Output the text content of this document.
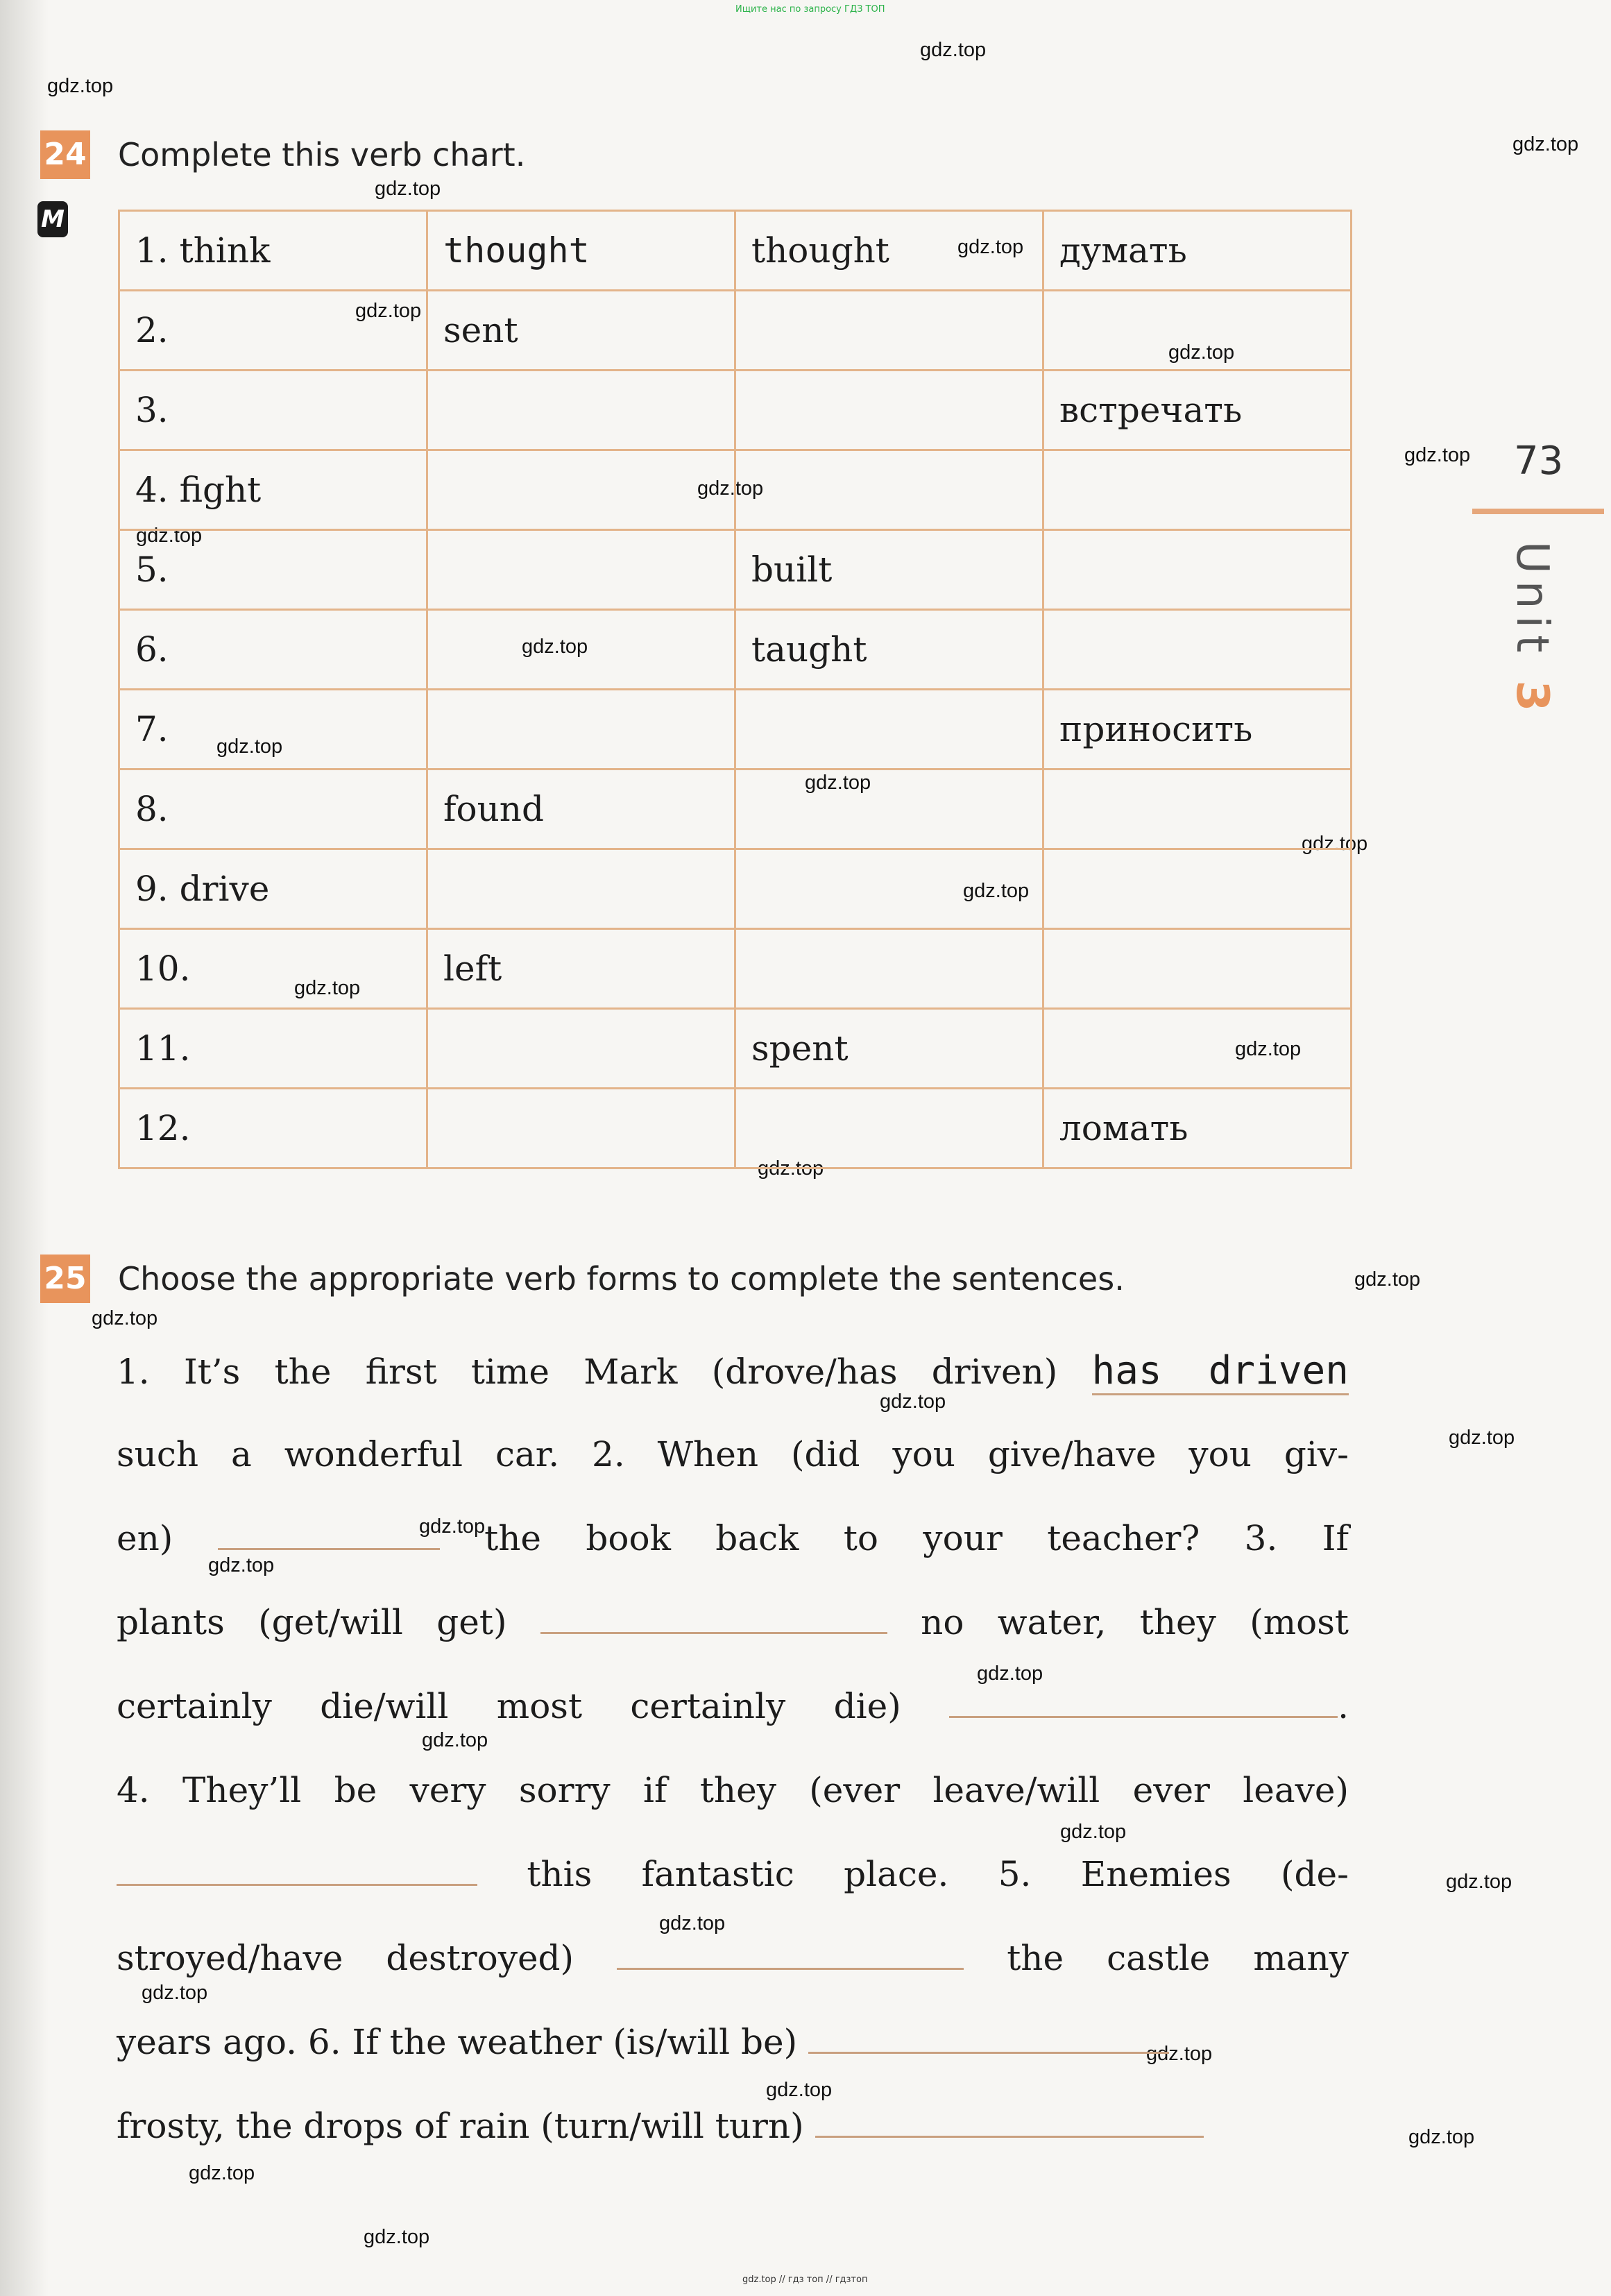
Ищите нас по запросу ГДЗ ТОП
gdz.top
gdz.top
gdz.top
gdz.top
gdz.top
gdz.top
gdz.top
gdz.top
gdz.top
gdz.top
gdz.top
gdz.top
gdz.top
gdz.top
gdz.top
gdz.top
gdz.top
gdz.top
gdz.top
gdz.top
gdz.top
gdz.top
gdz.top
gdz.top
gdz.top
gdz.top
gdz.top
gdz.top
gdz.top
gdz.top
gdz.top
gdz.top
gdz.top
gdz.top
gdz.top
73
Unit 3
24 Complete this verb chart.
M
1. think	thought	thought	думать
2.	sent		
3.			встречать
4. fight			
5.		built	
6.		taught	
7.			приносить
8.	found		
9. drive			
10.	left		
11.		spent	
12.			ломать
25 Choose the appropriate verb forms to complete the sentences.
1. It’s the first time Mark (drove/has driven) has driven
such a wonderful car. 2. When (did you give/have you giv-
en)	the book back to your teacher? 3. If
plants (get/will get)	no water, they (most
certainly die/will most certainly die)	.
4. They’ll be very sorry if they (ever leave/will ever leave)
this fantastic place. 5. Enemies (de-
stroyed/have destroyed)	the castle many
years ago. 6. If the weather (is/will be)
frosty, the drops of rain (turn/will turn)
gdz.top // гдз топ // гдзтоп
